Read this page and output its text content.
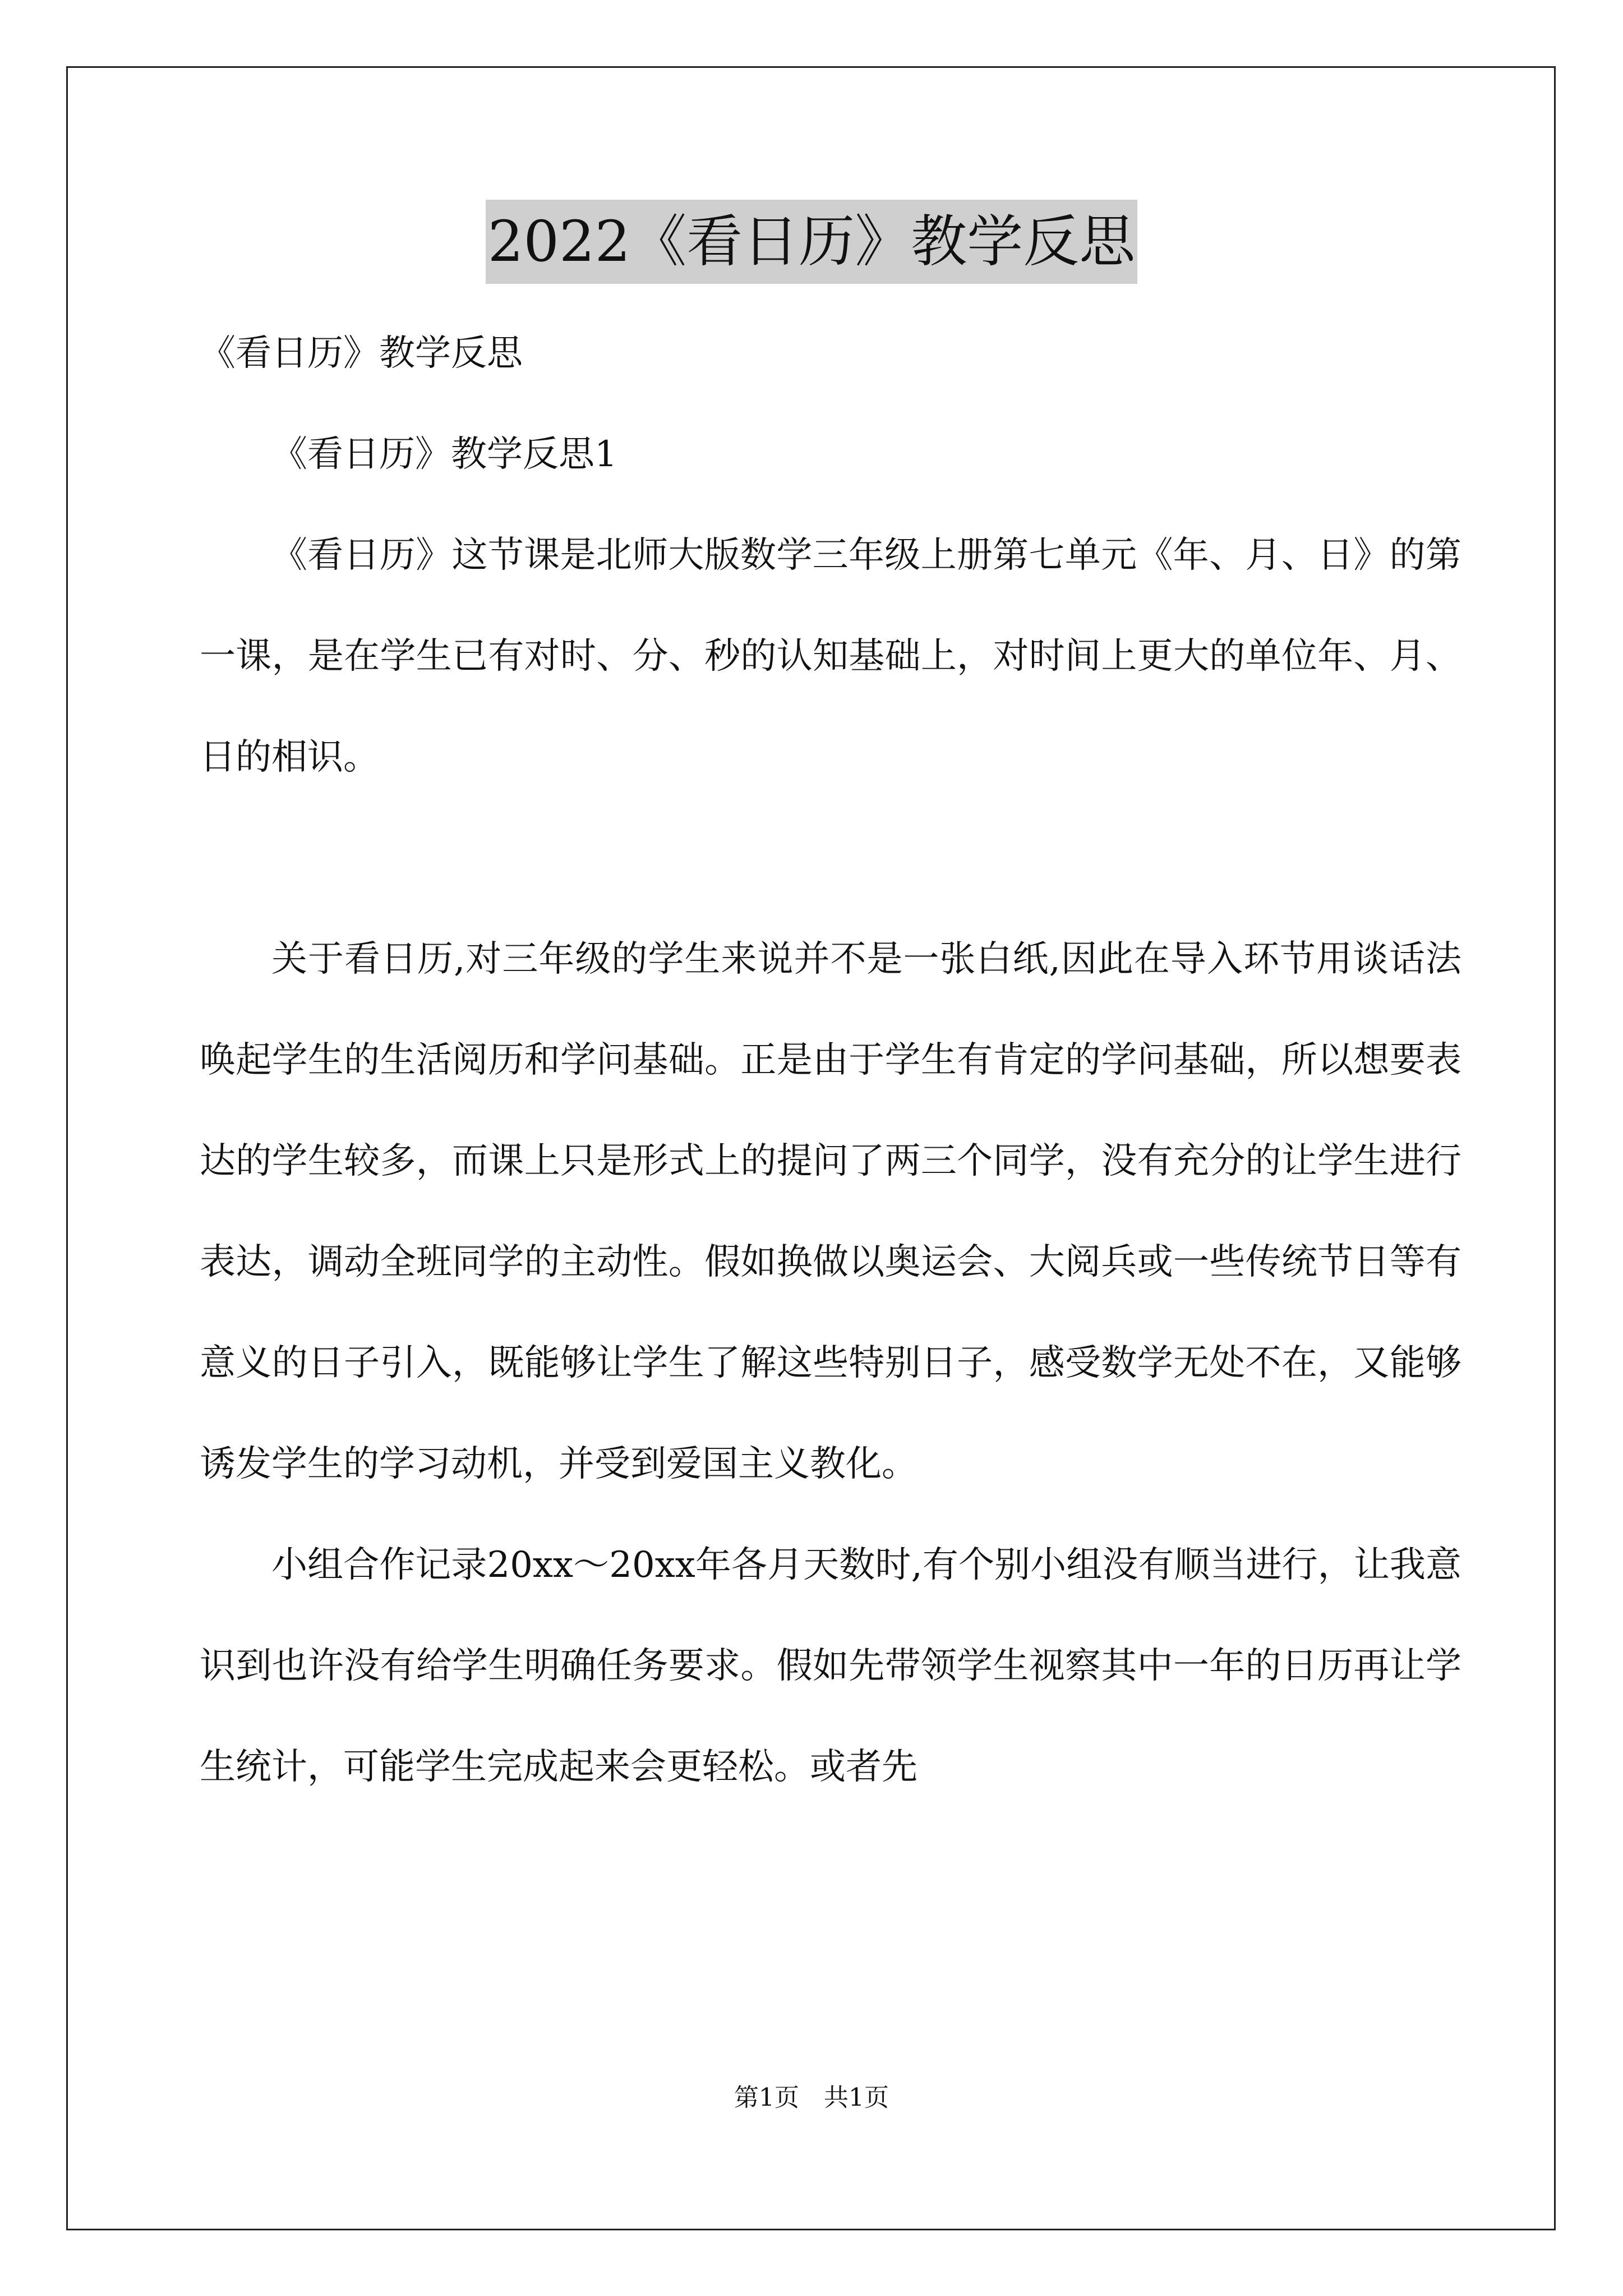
2022《看日历》教学反思

《看日历》教学反思

《看日历》教学反思1

《看日历》这节课是北师大版数学三年级上册第七单元《年、月、日》的第一课，是在学生已有对时、分、秒的认知基础上，对时间上更大的单位年、月、日的相识。

关于看日历,对三年级的学生来说并不是一张白纸,因此在导入环节用谈话法唤起学生的生活阅历和学问基础。正是由于学生有肯定的学问基础，所以想要表达的学生较多，而课上只是形式上的提问了两三个同学，没有充分的让学生进行表达，调动全班同学的主动性。假如换做以奥运会、大阅兵或一些传统节日等有意义的日子引入，既能够让学生了解这些特别日子，感受数学无处不在，又能够诱发学生的学习动机，并受到爱国主义教化。

小组合作记录20xx～20xx年各月天数时,有个别小组没有顺当进行，让我意识到也许没有给学生明确任务要求。假如先带领学生视察其中一年的日历再让学生统计，可能学生完成起来会更轻松。或者先

第1页　共1页
